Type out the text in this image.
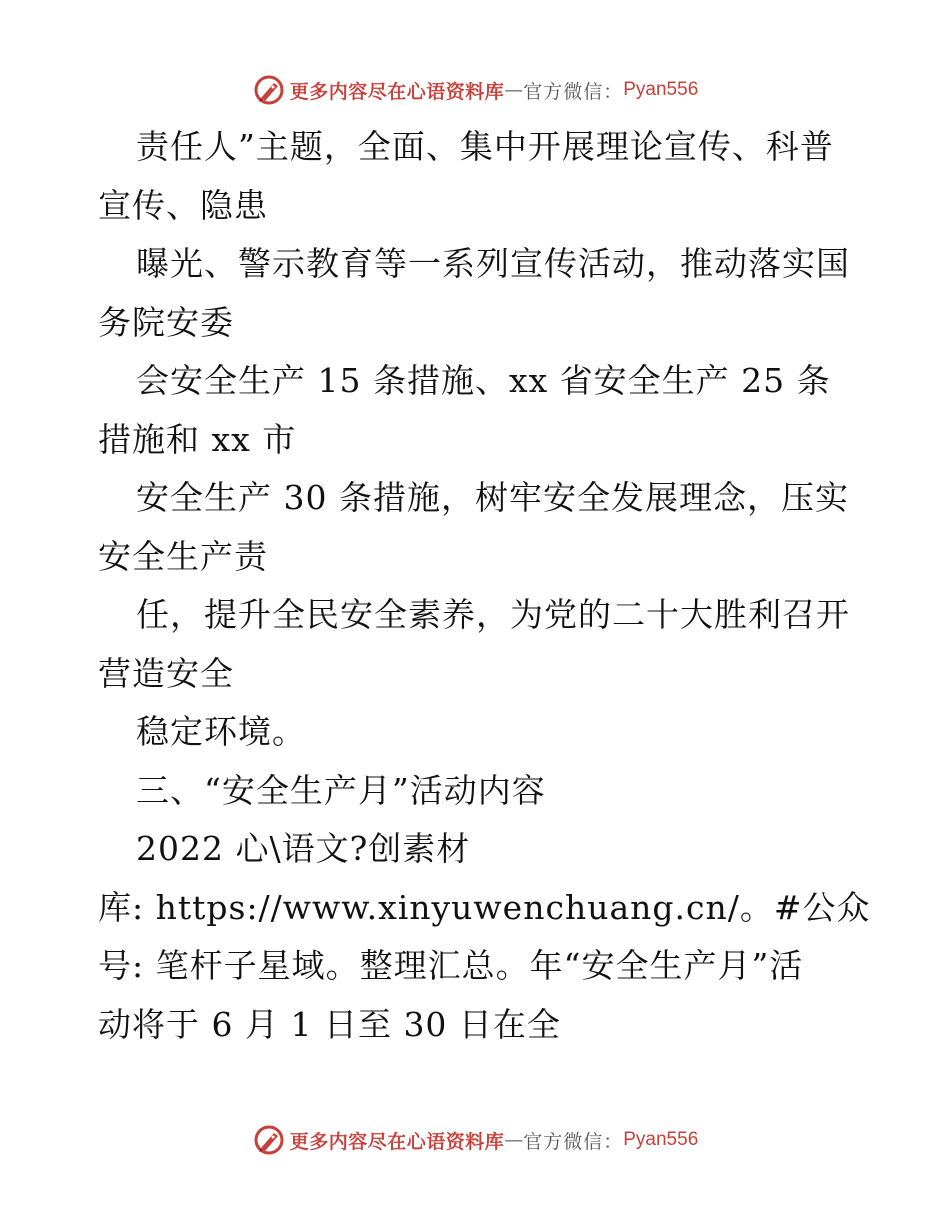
更多内容尽在心语资料库 — 官方微信： Pyan556
责任人”主题，全面、集中开展理论宣传、科普
宣传、隐患
曝光、警示教育等一系列宣传活动，推动落实国
务院安委
会安全生产 15 条措施、xx 省安全生产 25 条
措施和 xx 市
安全生产 30 条措施，树牢安全发展理念，压实
安全生产责
任，提升全民安全素养，为党的二十大胜利召开
营造安全
稳定环境。
三、“安全生产月”活动内容
2022 心\语文?创素材
库: https://www.xinyuwenchuang.cn/。#公众
号: 笔杆子星域。整理汇总。年“安全生产月”活
动将于 6 月 1 日至 30 日在全
更多内容尽在心语资料库 — 官方微信： Pyan556
